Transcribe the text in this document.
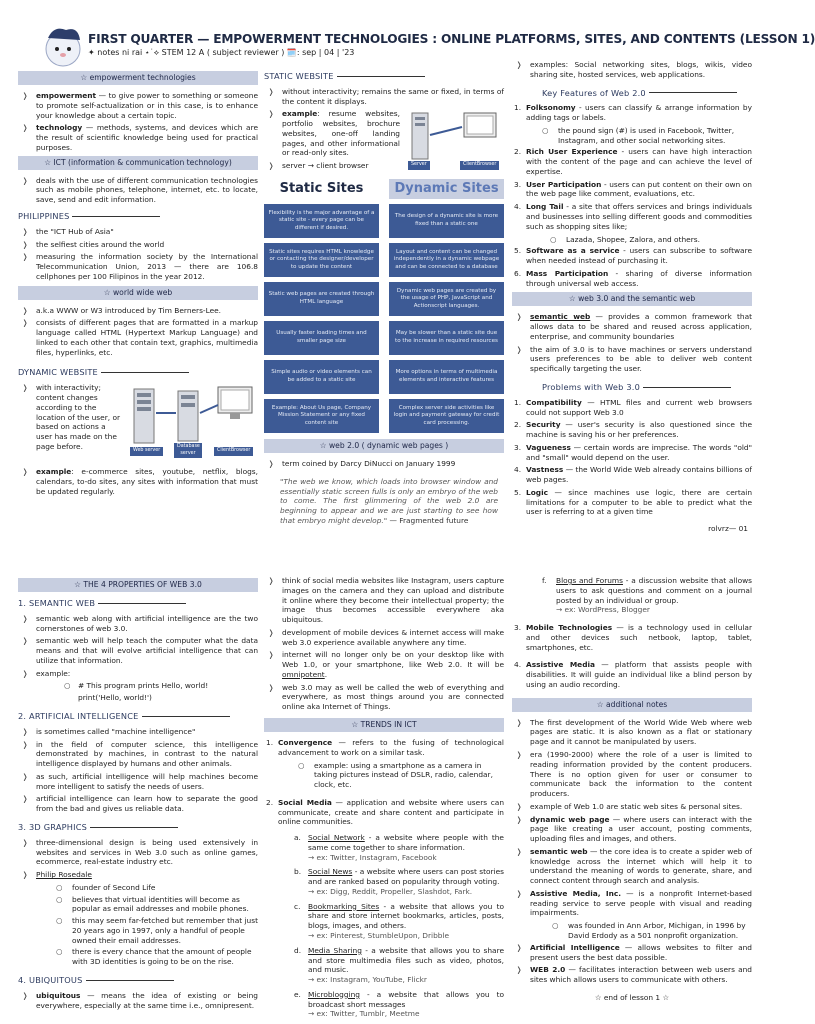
FIRST QUARTER — EMPOWERMENT TECHNOLOGIES : ONLINE PLATFORMS, SITES, AND CONTENTS (LESSON 1)
✦ notes ni rai ⋆˙⟡ STEM 12 A ( subject reviewer ) 🗓️: sep | 04 | '23
☆ empowerment technologies
❭	empowerment — to give power to something or someone to promote self-actualization or in this case, is to enhance your knowledge about a certain topic.
❭	technology — methods, systems, and devices which are the result of scientific knowledge being used for practical purposes.
☆ ICT (information & communication technology)
❭	deals with the use of different communication technologies such as mobile phones, telephone, internet, etc. to locate, save, send and edit information.
PHILIPPINES
❭	the "ICT Hub of Asia"
❭	the selfiest cities around the world
❭	measuring the information society by the International Telecommunication Union, 2013 — there are 106.8 cellphones per 100 Filipinos in the year 2012.
☆ world wide web
❭	a.k.a WWW or W3 introduced by Tim Berners-Lee.
❭	consists of different pages that are formatted in a markup language called HTML (Hypertext Markup Language) and linked to each other that contain text, graphics, multimedia files, hyperlinks, etc.
DYNAMIC WEBSITE
❭	with interactivity; content changes according to the location of the user, or based on actions a user has made on the page before.	Web server
Database server	ClientBrowser
❭	example: e-commerce sites, youtube, netflix, blogs, calendars, to-do sites, any sites with information that must be updated regularly.
STATIC WEBSITE
❭	without interactivity; remains the same or fixed, in terms of the content it displays.
❭	example: resume websites, portfolio websites, brochure websites, one-off landing pages, and other informational or read-only sites.
❭	server → client browser	Server	ClientBrowser
Static Sites	Dynamic Sites
Flexibility is the major advantage of a static site - every page can be different if desired.
The design of a dynamic site is more fixed than a static one
Static sites requires HTML knowledge or contacting the designer/developer to update the content
Layout and content can be changed independently in a dynamic webpage and can be connected to a database
Static web pages are created through HTML language
Dynamic web pages are created by the usage of PHP, JavaScript and Actionscript languages.
Usually faster loading times and smaller page size
May be slower than a static site due to the increase in required resources
Simple audio or video elements can be added to a static site
More options in terms of multimedia elements and interactive features
Example: About Us page, Company Mission Statement or any fixed content site
Complex server side activities like login and payment gateway for credit card processing.
☆ web 2.0 ( dynamic web pages )
❭	term coined by Darcy DiNucci on January 1999
"The web we know, which loads into browser window and essentially static screen fulls is only an embryo of the web to come. The first glimmering of the web 2.0 are beginning to appear and we are just starting to see how that embryo might develop." — Fragmented future
❭	examples: Social networking sites, blogs, wikis, video sharing site, hosted services, web applications.
Key Features of Web 2.0
1. Folksonomy - users can classify & arrange information by adding tags or labels.
○	the pound sign (#) is used in Facebook, Twitter, Instagram, and other social networking sites.
2. Rich User Experience - users can have high interaction with the content of the page and can achieve the level of expertise.
3. User Participation - users can put content on their own on the web page like comment, evaluations, etc.
4. Long Tail - a site that offers services and brings individuals and businesses into selling different goods and commodities such as shopping sites like;
○	Lazada, Shopee, Zalora, and others.
5. Software as a service - users can subscribe to software when needed instead of purchasing it.
6. Mass Participation - sharing of diverse information through universal web access.
☆ web 3.0 and the semantic web
❭	semantic web — provides a common framework that allows data to be shared and reused across application, enterprise, and community boundaries
❭	the aim of 3.0 is to have machines or servers understand users preferences to be able to deliver web content specifically targeting the user.
Problems with Web 3.0
1. Compatibility — HTML files and current web browsers could not support Web 3.0
2. Security — user's security is also questioned since the machine is saving his or her preferences.
3. Vagueness — certain words are imprecise. The words "old" and "small" would depend on the user.
4. Vastness — the World Wide Web already contains billions of web pages.
5. Logic — since machines use logic, there are certain limitations for a computer to be able to predict what the user is referring to at a given time
rolvrz— 01
☆ THE 4 PROPERTIES OF WEB 3.0
1. SEMANTIC WEB
❭	semantic web along with artificial intelligence are the two cornerstones of web 3.0.
❭	semantic web will help teach the computer what the data means and that will evolve artificial intelligence that can utilize that information.
❭	example:
○	# This program prints Hello, world!
print('Hello, world!')
2. ARTIFICIAL INTELLIGENCE
❭	is sometimes called "machine intelligence"
❭	in the field of computer science, this intelligence demonstrated by machines, in contrast to the natural intelligence displayed by humans and other animals.
❭	as such, artificial intelligence will help machines become more intelligent to satisfy the needs of users.
❭	artificial intelligence can learn how to separate the good from the bad and gives us reliable data.
3. 3D GRAPHICS
❭	three-dimensional design is being used extensively in websites and services in Web 3.0 such as online games, ecommerce, real-estate industry etc.
❭	Philip Rosedale
○	founder of Second Life
○	believes that virtual identities will become as popular as email addresses and mobile phones.
○	this may seem far-fetched but remember that just 20 years ago in 1997, only a handful of people owned their email addresses.
○	there is every chance that the amount of people with 3D identities is going to be on the rise.
4. UBIQUITOUS
❭	ubiquitous — means the idea of existing or being everywhere, especially at the same time i.e., omnipresent.
❭	think of social media websites like Instagram, users capture images on the camera and they can upload and distribute it online where they become their intellectual property; the image thus becomes accessible everywhere aka ubiquitous.
❭	development of mobile devices & internet access will make web 3.0 experience available anywhere any time.
❭	internet will no longer only be on your desktop like with Web 1.0, or your smartphone, like Web 2.0. It will be omnipotent.
❭	web 3.0 may as well be called the web of everything and everywhere, as most things around you are connected online aka Internet of Things.
☆ TRENDS IN ICT
1. Convergence — refers to the fusing of technological advancement to work on a similar task.
○	example: using a smartphone as a camera in taking pictures instead of DSLR, radio, calendar, clock, etc.
2. Social Media — application and website where users can communicate, create and share content and participate in online communities.
a. Social Network - a website where people with the same come together to share information.
→ ex: Twitter, Instagram, Facebook
b. Social News - a website where users can post stories and are ranked based on popularity through voting.
→ ex: Digg, Reddit, Propeller, Slashdot, Fark.
c.	Bookmarking Sites - a website that allows you to share and store internet bookmarks, articles, posts, blogs, images, and others.
→ ex: Pinterest, StumbleUpon, Dribble
d. Media Sharing - a website that allows you to share and store multimedia files such as video, photos, and music.
→ ex: Instagram, YouTube, Flickr
e. Microblogging - a website that allows you to broadcast short messages
→ ex: Twitter, Tumblr, Meetme
f.	Blogs and Forums - a discussion website that allows users to ask questions and comment on a journal posted by an individual or group.
→ ex: WordPress, Blogger
3. Mobile Technologies — is a technology used in cellular and other devices such netbook, laptop, tablet, smartphones, etc.
4. Assistive Media — platform that assists people with disabilities. It will guide an individual like a blind person by using an audio recording.
☆ additional notes
❭	The first development of the World Wide Web where web pages are static. It is also known as a flat or stationary page and it cannot be manipulated by users.
❭	era (1990-2000) where the role of a user is limited to reading information provided by the content producers. There is no option given for user or consumer to communicate back the information to the content producers.
❭	example of Web 1.0 are static web sites & personal sites.
❭	dynamic web page — where users can interact with the page like creating a user account, posting comments, uploading files and images, and others.
❭	semantic web — the core idea is to create a spider web of knowledge across the internet which will help it to understand the meaning of words to generate, share, and connect content through search and analysis.
❭	Assistive Media, Inc. — is a nonprofit Internet-based reading service to serve people with visual and reading impairments.
○	was founded in Ann Arbor, Michigan, in 1996 by David Erdody as a 501 nonprofit organization.
❭	Artificial Intelligence — allows websites to filter and present users the best data possible.
❭	WEB 2.0 — facilitates interaction between web users and sites which allows users to communicate with others.
☆ end of lesson 1 ☆
